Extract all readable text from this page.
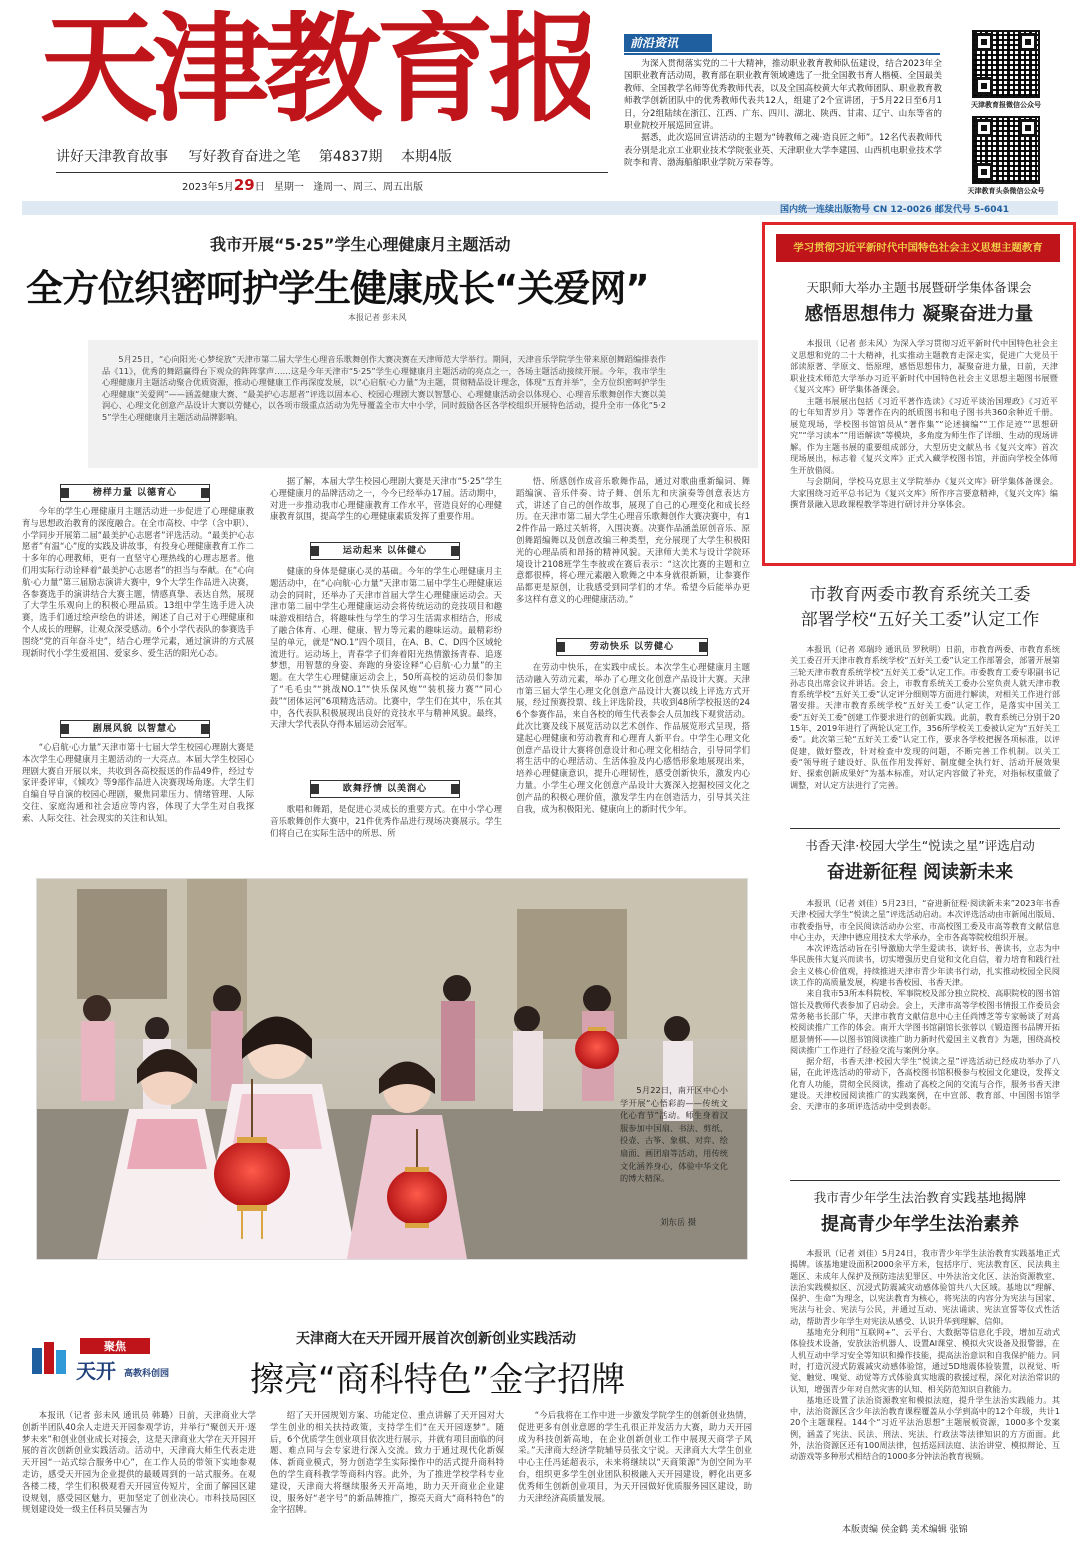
天津教育报
讲好天津教育故事 写好教育奋进之笔 第4837期 本期4版
2023年5月29日 星期一 逢周一、周三、周五出版
前沿资讯

为深入贯彻落实党的二十大精神，推动职业教育教师队伍建设，结合2023年全国职业教育活动周，教育部在职业教育领域遴选了一批全国教书育人楷模、全国最美教师、全国教学名师等优秀教师代表，以及全国高校黄大年式教师团队、职业教育教师教学创新团队中的优秀教师代表共12人，组建了2个宣讲团，于5月22日至6月1日，分2组陆续在浙江、江西、广东、四川、湖北、陕西、甘肃、辽宁、山东等省的职业院校开展巡回宣讲。

据悉，此次巡回宣讲活动的主题为“铸教师之魂·造良匠之师”。12名代表教师代表分别是北京工业职业技术学院张业英、天津职业大学李建国、山西机电职业技术学院李和青、渤海船舶职业学院万荣春等。

天津教育报微信公众号
天津教育头条微信公众号
国内统一连续出版物号 CN 12-0026 邮发代号 5-6041
我市开展“5·25”学生心理健康月主题活动
全方位织密呵护学生健康成长“关爱网”
本报记者 彭未风

5月25日，“心向阳光·心梦绽放”天津市第二届大学生心理音乐歌舞创作大赛决赛在天津师范大学举行。期间，天津音乐学院学生带来原创舞蹈编排表作品《11》，优秀的舞蹈赢得台下观众的阵阵掌声……这是今年天津市“5·25”学生心理健康月主题活动的亮点之一，各场主题活动接续开展。今年，我市学生心理健康月主题活动聚合优质资源，推动心理健康工作再深度发展，以“心启航·心力量”为主题，贯彻精品设计理念，体现“五育并举”，全方位织密呵护学生心理健康“关爱网”——涵盖健康大赛、“最美护心志愿者”评选以固本心、校园心理剧大赛以智慧心、心理健康活动会以体现心、心理音乐歌舞创作大赛以美润心、心理文化创意产品设计大赛以劳健心，以各项市级重点活动为先导覆盖全市大中小学，同时鼓励各区各学校组织开展特色活动，提升全市一体化“5·25”学生心理健康月主题活动品牌影响。

榜样力量 以德育心

今年的学生心理健康月主题活动进一步促进了心理健康教育与思想政治教育的深度融合。在全市高校、中学（含中职）、小学同步开展第二届“最美护心志愿者”评选活动。“最美护心志愿者”有温“心”度的实践及讲故事，有投身心理健康教育工作二十多年的心理教师，更有一直坚守心理热线的心理志愿者。他们用实际行动诠释着“最美护心志愿者”的担当与奉献。在“心向航·心力量”第三届励志演讲大赛中，9个大学生作品进入决赛，各参赛选手的演讲结合大赛主题，情感真挚、表达自然，展现了大学生乐观向上的积极心理品质。13组中学生选手进入决赛，选手们通过绘声绘色的讲述，阐述了自己对于心理健康和个人成长的理解，让观众深受感动。6个小学代表队的参赛选手围绕“党的百年奋斗史”，结合心理学元素，通过演讲的方式展现新时代小学生爱祖国、爱家乡、爱生活的阳光心态。

剧展风貌 以智慧心

“心启航·心力量”天津市第十七届大学生校园心理剧大赛是本次学生心理健康月主题活动的一大亮点。本届大学生校园心理剧大赛自开展以来，共收到各高校报送的作品49件，经过专家评委评审，《倾攻》等9部作品进入决赛现场角逐。大学生们自编自导自演的校园心理剧，聚焦同辈压力、情绪管理、人际交往、家庭沟通和社会适应等内容，体现了大学生对自我探索、人际交往、社会现实的关注和认知。

据了解，本届大学生校园心理剧大赛是天津市“5·25”学生心理健康月的品牌活动之一，今今已经举办17届。活动期中，对进一步推动我市心理健康教育工作水平，营造良好的心理健康教育氛围，提高学生的心理健康素质发挥了重要作用。

运动起来 以体健心

健康的身体是健康心灵的基础。今年的学生心理健康月主题活动中，在“心向航·心力量”天津市第二届中学生心理健康运动会的同时，还举办了天津市首届大学生心理健康运动会。天津市第二届中学生心理健康运动会将传统运动的竞技项目和趣味游戏相结合，将趣味性与学生的学习生活需求相结合，形成了融合体育、心理、健康、智力等元素的趣味运动。最精彩纷呈的单元，就是“NO.1”四个项目，在A、B、C、D四个区域轮流进行。运动场上，青春学子们奔着阳光热情激扬青春、追逐梦想，用智慧的身姿、奔跑的身姿诠释“心启航·心力量”的主题。在大学生心理健康运动会上，50所高校的运动员们参加了“毛毛虫”“挑战NO.1”“快乐保风炮”“装机接力赛”“同心鼓”“团体运河”6项精选活动。比赛中，学生们在其中，乐在其中，各代表队积极展现出良好的竞技水平与精神风貌。最终，天津大学代表队夺得本届运动会冠军。

欧舞抒情 以美润心

歌唱和舞蹈，是促进心灵成长的重要方式。在中小学心理音乐歌舞创作大赛中，21件优秀作品进行现场决赛展示。学生们将自己在实际生活中的所思、所

悟、所感创作成音乐歌舞作品，通过对歌曲重新编词、舞蹈编演、音乐伴奏、诗子舞、创乐尢和庆演奏等创意表达方式，讲述了自己的创作故事，展现了自己的心理变化和成长经历。在天津市第二届大学生心理音乐歌舞创作大赛决赛中，有12件作品一路过关斩将，入围决赛。决赛作品涵盖原创音乐、原创舞蹈编舞以及创意改编三种类型，充分展现了大学生积极阳光的心理品质和昂扬的精神风貌。天津师大美术与设计学院环境设计2108班学生李彼或在赛后表示：“这次比赛的主题和立意都很棒，将心理元素融入歌舞之中本身就很新颖，让参赛作品都更是原创，让我感受到同学们的才华。希望今后能举办更多这样有意义的心理健康活动。”

劳动快乐 以劳健心

在劳动中快乐，在实践中成长。本次学生心理健康月主题活动融入劳动元素，举办了心理文化创意产品设计大赛。天津市第三届大学生心理文化创意产品设计大赛以线上评选方式开展，经过预赛投票、线上评选阶段，共收到48所学校报送的246个参赛作品，来自各校的师生代表参会人员加线下观赏活动。此次比赛及线下展览活动以艺术创作、作品展览形式呈现，搭建起心理健康和劳动教育和心理育人新平台。中学生心理文化创意产品设计大赛将创意设计和心理文化相结合，引导同学们将生活中的心理活动、生活体验及内心感悟形象地展现出来，培养心理健康意识，提升心理韧性，感受创新快乐，激发内心力量。小学生心理文化创意产品设计大赛深入挖掘校园文化之创产品的积极心理价值，激发学生内在创造活力，引导其关注自我，成为积极阳光、健康向上的新时代少年。

5月22日，南开区中心小学开展“心悟彩韵——传统文化心育节”活动。师生身着汉服参加中国扇、书法、剪纸、投壶、古筝、象棋、对弈、绘扇面、画团扇等活动，用传统文化涵养身心，体验中华文化的博大精深。

刘东岳 摄
聚焦
天开 高教科创园
天津商大在天开园开展首次创新创业实践活动
擦亮“商科特色”金字招牌

本报讯（记者 彭未风 通讯员 韩璐）日前，天津商业大学创新半团队40余人走进天开园参观学访，并举行“聚创天开·逐梦未来”和创业创业成长对接会，这是天津商业大学在天开园开展的首次创新创业实践活动。活动中，天津商大师生代表走进天开园“一站式综合服务中心”，在工作人员的带领下实地参观走访，感受天开园为企业提供的最暖周到的一站式服务。在观各楼二楼，学生们积极观看天开园宣传短片，全面了解园区建设规划，感受园区魅力，更加坚定了创业决心。市科技局园区规划建设处一级主任科员吴骊吉为

绍了天开园规划方案、功能定位、重点讲解了天开园对大学生创业的相关扶持政策，支持学生们“在天开园逐梦”。随后，6个优质学生创业项目依次进行展示，并就有项目面临的问题、难点同与会专家进行深入交流。致力于通过现代化新媒体、新商业模式，努力创造学生实际操作中的活式提升商科特色的学生商科教学等商科内容。此外，为了推进学校学科专业建设，天津商大将继续服务天开高地，助力天开商业企业建设，服务好“老字号”的新品牌推广，擦亮天商大“商科特色”的金字招牌。

“今后我将在工作中进一步激发学院学生的创新创业热情，促进更多有创业意愿的学生孔很正并发活力大赛，助力天开园成为科技创新高地，在企业创新创业工作中展现天商学子风采。”天津商大经济学院辅导员张文宁说。天津商大大学生创业中心主任冯延超表示，未来将继续以“天商策源”为创空间为平台，组织更多学生创业团队积极融入天开园建设，孵化出更多优秀师生创新创业项目，为天开园做好优质服务园区建设，助力天津经济高质量发展。

学习贯彻习近平新时代中国特色社会主义思想主题教育
天职师大举办主题书展暨研学集体备课会
感悟思想伟力 凝聚奋进力量

本报讯（记者 彭未风）为深入学习贯彻习近平新时代中国特色社会主义思想和党的二十大精神，扎实推动主题教育走深走实，促进广大党员干部读原著、学原文、悟原理，感悟思想伟力，凝聚奋进力量，日前，天津职业技术师范大学举办习近平新时代中国特色社会主义思想主题图书展暨《复兴文库》研学集体备课会。

主题书展展出包括《习近平著作选读》《习近平谈治国理政》《习近平的七年知青岁月》等著作在内的纸质图书和电子图书共360余种近千册。展览现场，学校图书馆馆员从“著作集”“论述摘编”“工作足迹”“思想研究”“学习读本”“用语解读”等模块，多角度为师生作了详细、生动的现场讲解。作为主题书展的重要组成部分，大型历史文献丛书《复兴文库》首次现场展出，标志着《复兴文库》正式入藏学校图书馆，并面向学校全体师生开放借阅。

与会期间，学校马克思主义学院举办《复兴文库》研学集体备课会。大家围绕习近平总书记为《复兴文库》所作序言要意精神，《复兴文库》编撰背景融入思政课程教学等进行研讨并分享体会。

市教育两委市教育系统关工委
部署学校“五好关工委”认定工作

本报讯（记者 邓瑞玲 通讯员 罗秋明）日前，市教育两委、市教育系统关工委召开天津市教育系统学校“五好关工委”认定工作部署会，部署开展第三轮天津市教育系统学校“五好关工委”认定工作。市委教育工委专职副书记孙志良出席会议并讲话。会上，市教育系统关工委办公室负责人就天津市教育系统学校“五好关工委”认定评分细则等方面进行解读，对相关工作进行部署安排。天津市教育系统学校“五好关工委”认定工作，是落实中国关工委“五好关工委”创建工作要求进行的创新实践。此前，教育系统已分别于2015年、2019年进行了两轮认定工作，356所学校关工委被认定为“五好关工委”。此次第三轮“五好关工委”认定工作，要求各学校把握各项标准，以评促建，做好整改，针对检查中发现的问题，不断完善工作机制。以关工委“领导班子建设好、队伍作用发挥好、制度健全执行好、活动开展效果好、探索创新成果好”为基本标准，对认定内容做了补充，对指标权重做了调整，对认定方法进行了完善。

书香天津·校园大学生“悦读之星”评选启动
奋进新征程 阅读新未来

本报讯（记者 刘佳）5月23日，“奋进新征程·阅读新未来”2023年书香天津·校园大学生“悦读之星”评选活动启动。本次评选活动由市新闻出版局、市教委指导，市全民阅读活动办公室、市高校图工委及市高等教育文献信息中心主办，天津中德应用技术大学承办，全市各高等院校组织开展。

本次评选活动旨在引导激励大学生爱读书、读好书、善读书，立志为中华民族伟大复兴而读书，切实增强历史自觉和文化自信，着力培育和践行社会主义核心价值观，持续推进天津市青少年读书行动，扎实推动校园全民阅读工作的高质量发展，构建书香校园、书香天津。

来自我市53所本科院校、军事院校及部分独立院校、高职院校的图书馆馆长及教师代表参加了启动会。会上，天津市高等学校图书情报工作委员会常务秘书长邵广华，天津市教育文献信息中心主任尚博芝等专家畅谈了对高校阅读推广工作的体会。南开大学图书馆副馆长张蓉以《锻造图书品牌开拓愿景情怀——以图书馆阅读推广助力新时代爱国主义教育》为题，围绕高校阅读推广工作进行了经验交流与案例分享。

据介绍，书香天津·校园大学生“悦读之星”评选活动已经成功举办了八届，在此评选活动的带动下，各高校图书馆积极参与校园文化建设，发挥文化育人功能，贯彻全民阅读，推动了高校之间的交流与合作，服务书香天津建设。天津校园阅读推广的实践案例，在中宣部、教育部、中国图书馆学会、天津市的多项评选活动中受到表彰。

我市青少年学生法治教育实践基地揭牌
提高青少年学生法治素养

本报讯（记者 刘佳）5月24日，我市青少年学生法治教育实践基地正式揭牌。该基地建设面积2000余平方米，包括序厅、宪法教育区、民法典主题区、未成年人保护及预防违法犯罪区、中外法治文化区、法治资源教室、法治实践模拟区、沉浸式防震减灾动感体验馆共八大区域。基地以“理解、保护、生命”为理念，以宪法教育为核心，将宪法的内容分为宪法与国家、宪法与社会、宪法与公民，并通过互动、宪法诵读、宪法宣誓等仪式性活动，帮助青少年学生对宪法从感受、认识升华到理解、信仰。

基地充分利用“互联网+”、云平台、大数据等信息化手段，增加互动式体验技术设备，安放法治机器人、设置AI课堂、模拟火灾设备及报警器，在人机互动中学习安全等知识和操作技能，提高法治意识和自我保护能力。同时，打造沉浸式防震减灾动感体验馆，通过5D地震体验装置，以视觉、听觉、触觉、嗅觉、动觉等方式体验真实地震的救援过程，深化对法治常识的认知，增强青少年对自然灾害的认知、相关防范知识自救能力。

基地还设置了法治资源教室和模拟法庭，提升学生法治实践能力。其中，法治资源区含少年法治教育课程覆盖从小学到高中的12个年级，共计120个主题课程。144个“习近平法治思想”主题展板资源，1000多个发案例，涵盖了宪法、民法、刑法、宪法、行政法等法律知识的方方面面。此外，法治资源区还有100周法律，包括巡回法庭、法治讲堂、模拟辩论、互动游戏等多种形式相结合的1000多分钟法治教育视频。

本版责编 侯金鹤 美术编辑 张锦
